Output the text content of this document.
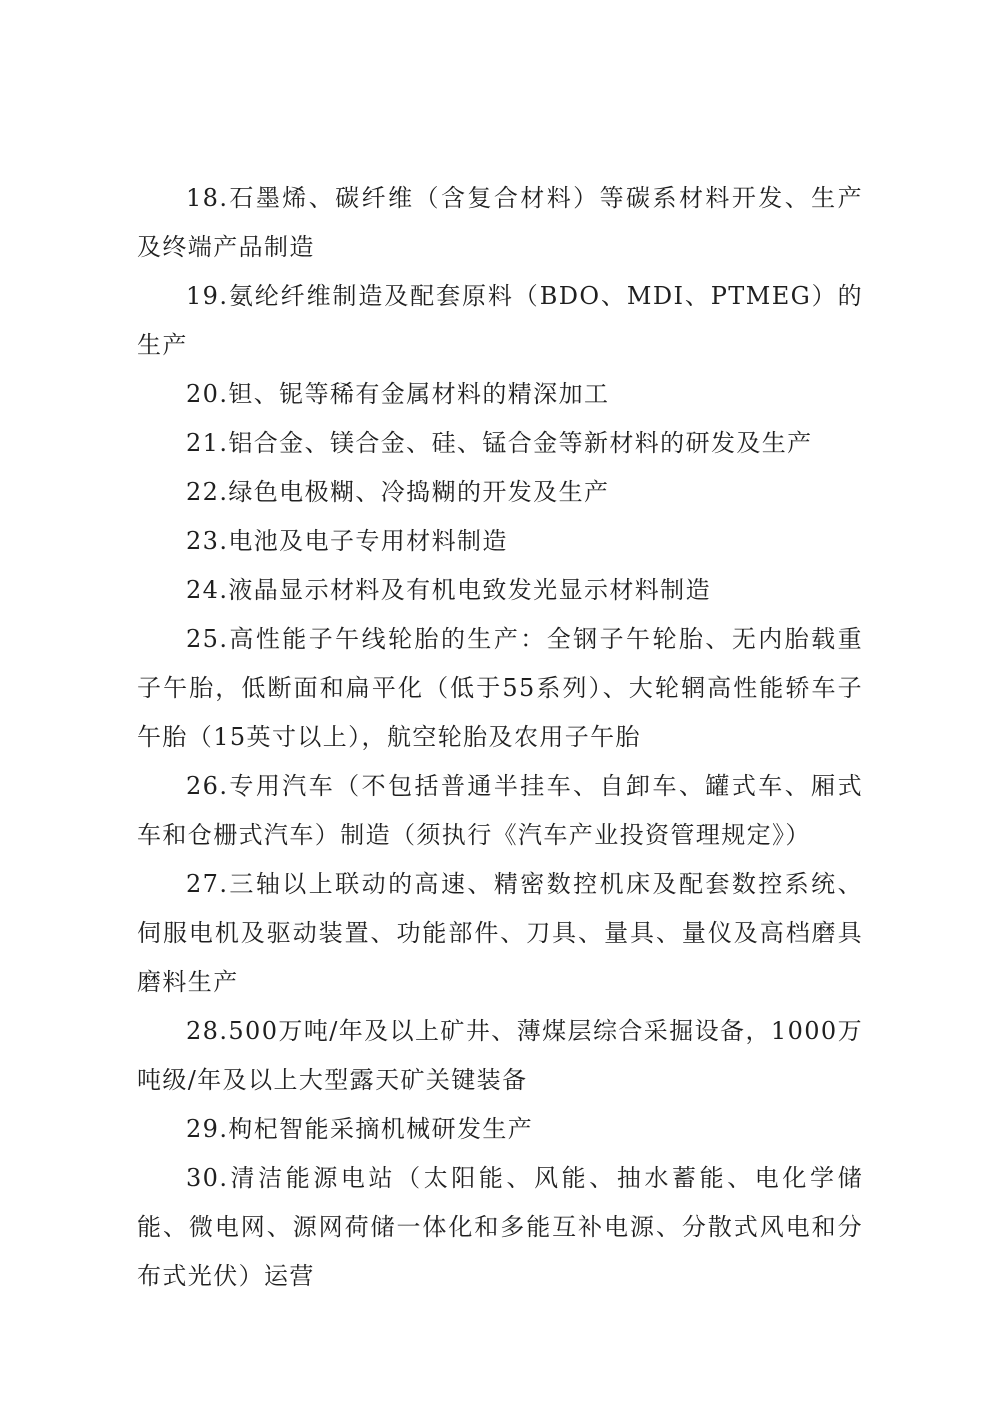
18.石墨烯、碳纤维（含复合材料）等碳系材料开发、生产及终端产品制造

19.氨纶纤维制造及配套原料（BDO、MDI、PTMEG）的生产

20.钽、铌等稀有金属材料的精深加工

21.铝合金、镁合金、硅、锰合金等新材料的研发及生产

22.绿色电极糊、冷捣糊的开发及生产

23.电池及电子专用材料制造

24.液晶显示材料及有机电致发光显示材料制造

25.高性能子午线轮胎的生产：全钢子午轮胎、无内胎载重子午胎，低断面和扁平化（低于55系列）、大轮辋高性能轿车子午胎（15英寸以上），航空轮胎及农用子午胎

26.专用汽车（不包括普通半挂车、自卸车、罐式车、厢式车和仓栅式汽车）制造（须执行《汽车产业投资管理规定》）

27.三轴以上联动的高速、精密数控机床及配套数控系统、伺服电机及驱动装置、功能部件、刀具、量具、量仪及高档磨具磨料生产

28.500万吨/年及以上矿井、薄煤层综合采掘设备，1000万吨级/年及以上大型露天矿关键装备

29.枸杞智能采摘机械研发生产

30.清洁能源电站（太阳能、风能、抽水蓄能、电化学储能、微电网、源网荷储一体化和多能互补电源、分散式风电和分布式光伏）运营
